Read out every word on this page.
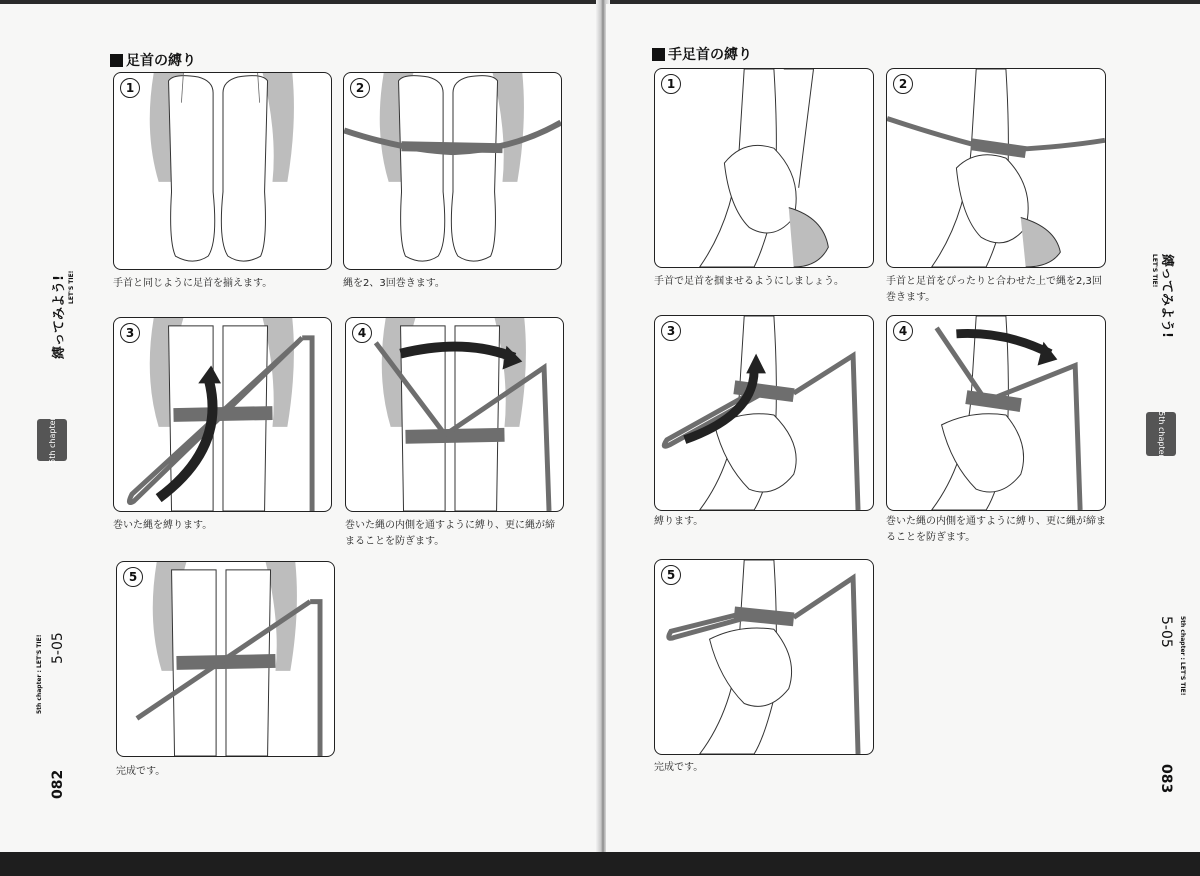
足首の縛り
1
手首と同じように足首を揃えます。
2
縄を2、3回巻きます。
3
巻いた縄を縛ります。
4
巻いた縄の内側を通すように縛り、更に縄が締まることを防ぎます。
5
完成です。
縛ってみよう! LET'S TIE!
5th chapter
5-05
5th chapter : LET'S TIE!
082
手足首の縛り
1
手首で足首を掴ませるようにしましょう。
2
手首と足首をぴったりと合わせた上で縄を2,3回巻きます。
3
縛ります。
4
巻いた縄の内側を通すように縛り、更に縄が締まることを防ぎます。
5
完成です。
縛ってみよう!
LET'S TIE!
5th chapter
5-05 5th chapter : LET'S TIE!
083
